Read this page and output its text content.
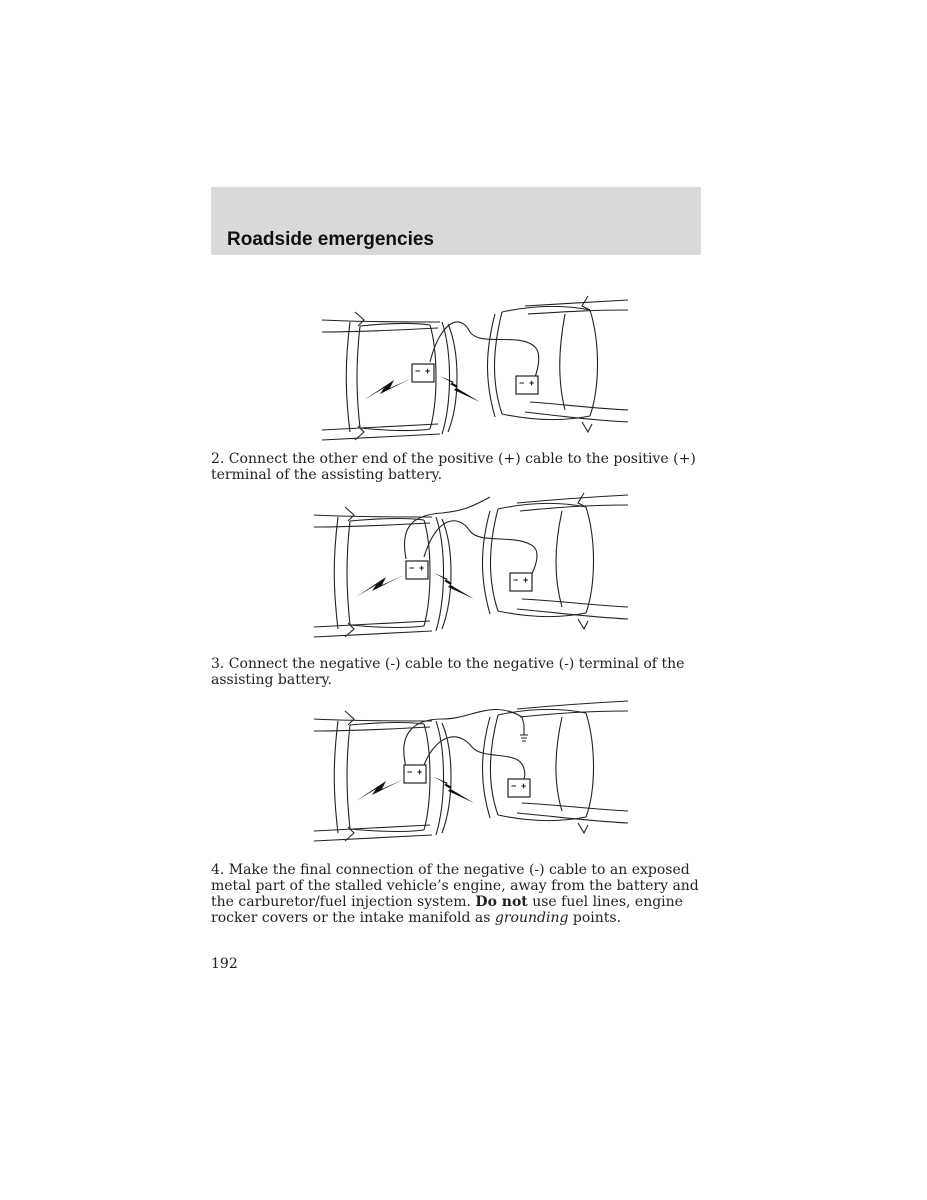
Roadside emergencies
− +
− +

2. Connect the other end of the positive (+) cable to the positive (+) terminal of the assisting battery.

− +
− +

3. Connect the negative (-) cable to the negative (-) terminal of the assisting battery.

− +
− +

4. Make the final connection of the negative (-) cable to an exposed metal part of the stalled vehicle’s engine, away from the battery and the carburetor/fuel injection system. Do not use fuel lines, engine rocker covers or the intake manifold as grounding points.

192
